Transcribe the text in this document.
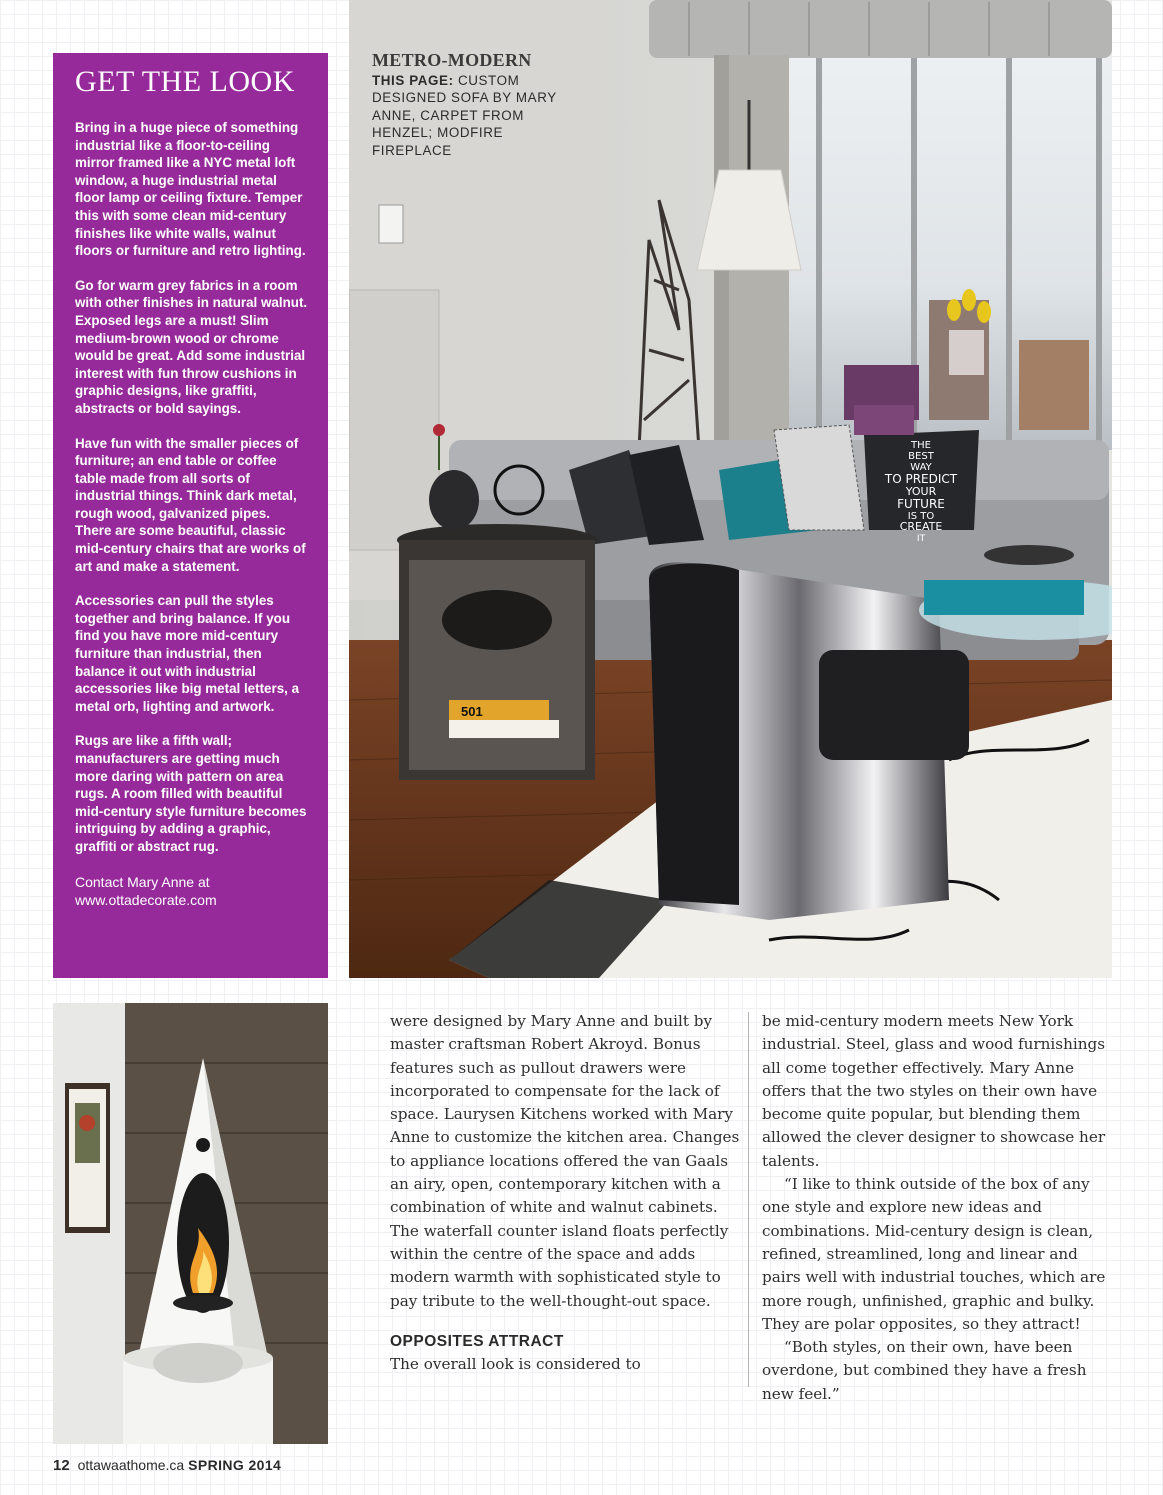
GET THE LOOK

Bring in a huge piece of something industrial like a floor-to-ceiling mirror framed like a NYC metal loft window, a huge industrial metal floor lamp or ceiling fixture. Temper this with some clean mid-century finishes like white walls, walnut floors or furniture and retro lighting.

Go for warm grey fabrics in a room with other finishes in natural walnut. Exposed legs are a must! Slim medium-brown wood or chrome would be great. Add some industrial interest with fun throw cushions in graphic designs, like graffiti, abstracts or bold sayings.

Have fun with the smaller pieces of furniture; an end table or coffee table made from all sorts of industrial things. Think dark metal, rough wood, galvanized pipes. There are some beautiful, classic mid-century chairs that are works of art and make a statement.

Accessories can pull the styles together and bring balance. If you find you have more mid-century furniture than industrial, then balance it out with industrial accessories like big metal letters, a metal orb, lighting and artwork.

Rugs are like a fifth wall; manufacturers are getting much more daring with pattern on area rugs. A room filled with beautiful mid-century style furniture becomes intriguing by adding a graphic, graffiti or abstract rug.

Contact Mary Anne at
www.ottadecorate.com

THE
BEST
WAY
TO PREDICT
YOUR
FUTURE
IS TO
CREATE
IT
501
METRO-MODERN
THIS PAGE: CUSTOM DESIGNED SOFA BY MARY ANNE, CARPET FROM HENZEL; MODFIRE FIREPLACE

were designed by Mary Anne and built by master craftsman Robert Akroyd. Bonus features such as pullout drawers were incorporated to compensate for the lack of space. Laurysen Kitchens worked with Mary Anne to customize the kitchen area. Changes to appliance locations offered the van Gaals an airy, open, contemporary kitchen with a combination of white and walnut cabinets. The waterfall counter island floats perfectly within the centre of the space and adds modern warmth with sophisticated style to pay tribute to the well-thought-out space.

OPPOSITES ATTRACT

The overall look is considered to

be mid-century modern meets New York industrial. Steel, glass and wood furnishings all come together effectively. Mary Anne offers that the two styles on their own have become quite popular, but blending them allowed the clever designer to showcase her talents.

“I like to think outside of the box of any one style and explore new ideas and combinations. Mid-century design is clean, refined, streamlined, long and linear and pairs well with industrial touches, which are more rough, unfinished, graphic and bulky. They are polar opposites, so they attract!

“Both styles, on their own, have been overdone, but combined they have a fresh new feel.”

12 ottawaathome.ca SPRING 2014
